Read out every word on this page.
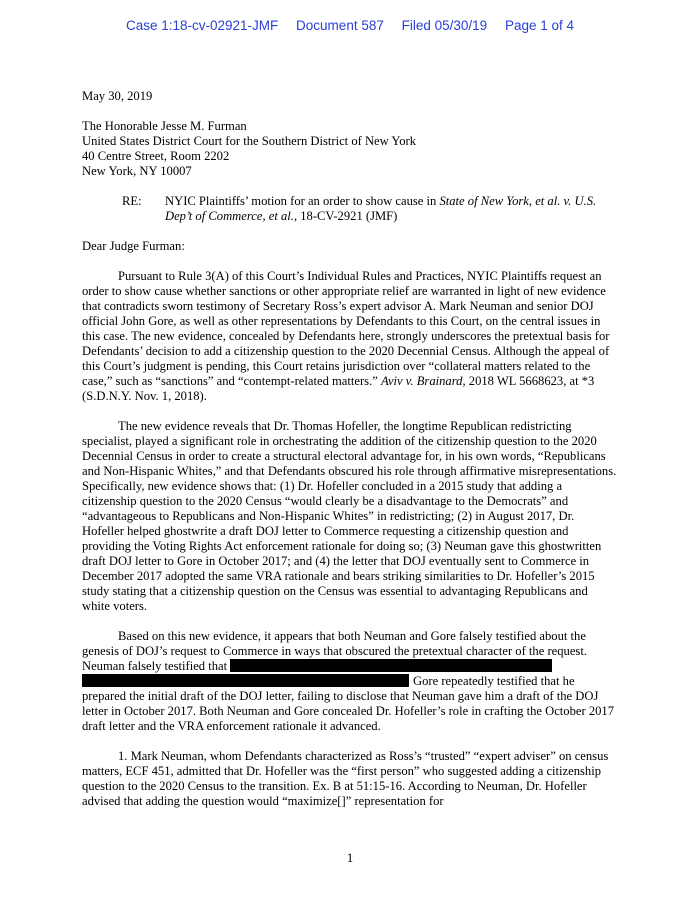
Case 1:18-cv-02921-JMF Document 587 Filed 05/30/19 Page 1 of 4

May 30, 2019

The Honorable Jesse M. Furman
United States District Court for the Southern District of New York
40 Centre Street, Room 2202
New York, NY 10007

RE:	NYIC Plaintiffs’ motion for an order to show cause in State of New York, et al. v. U.S. Dep’t of Commerce, et al., 18-CV-2921 (JMF)

Dear Judge Furman:

Pursuant to Rule 3(A) of this Court’s Individual Rules and Practices, NYIC Plaintiffs request an order to show cause whether sanctions or other appropriate relief are warranted in light of new evidence that contradicts sworn testimony of Secretary Ross’s expert advisor A. Mark Neuman and senior DOJ official John Gore, as well as other representations by Defendants to this Court, on the central issues in this case. The new evidence, concealed by Defendants here, strongly underscores the pretextual basis for Defendants’ decision to add a citizenship question to the 2020 Decennial Census. Although the appeal of this Court’s judgment is pending, this Court retains jurisdiction over “collateral matters related to the case,” such as “sanctions” and “contempt-related matters.” Aviv v. Brainard, 2018 WL 5668623, at *3 (S.D.N.Y. Nov. 1, 2018).

The new evidence reveals that Dr. Thomas Hofeller, the longtime Republican redistricting specialist, played a significant role in orchestrating the addition of the citizenship question to the 2020 Decennial Census in order to create a structural electoral advantage for, in his own words, “Republicans and Non-Hispanic Whites,” and that Defendants obscured his role through affirmative misrepresentations. Specifically, new evidence shows that: (1) Dr. Hofeller concluded in a 2015 study that adding a citizenship question to the 2020 Census “would clearly be a disadvantage to the Democrats” and “advantageous to Republicans and Non-Hispanic Whites” in redistricting; (2) in August 2017, Dr. Hofeller helped ghostwrite a draft DOJ letter to Commerce requesting a citizenship question and providing the Voting Rights Act enforcement rationale for doing so; (3) Neuman gave this ghostwritten draft DOJ letter to Gore in October 2017; and (4) the letter that DOJ eventually sent to Commerce in December 2017 adopted the same VRA rationale and bears striking similarities to Dr. Hofeller’s 2015 study stating that a citizenship question on the Census was essential to advantaging Republicans and white voters.

Based on this new evidence, it appears that both Neuman and Gore falsely testified about the genesis of DOJ’s request to Commerce in ways that obscured the pretextual character of the request. Neuman falsely testified that  Gore repeatedly testified that he prepared the initial draft of the DOJ letter, failing to disclose that Neuman gave him a draft of the DOJ letter in October 2017. Both Neuman and Gore concealed Dr. Hofeller’s role in crafting the October 2017 draft letter and the VRA enforcement rationale it advanced.

1. Mark Neuman, whom Defendants characterized as Ross’s “trusted” “expert adviser” on census matters, ECF 451, admitted that Dr. Hofeller was the “first person” who suggested adding a citizenship question to the 2020 Census to the transition. Ex. B at 51:15-16. According to Neuman, Dr. Hofeller advised that adding the question would “maximize[]” representation for

1
